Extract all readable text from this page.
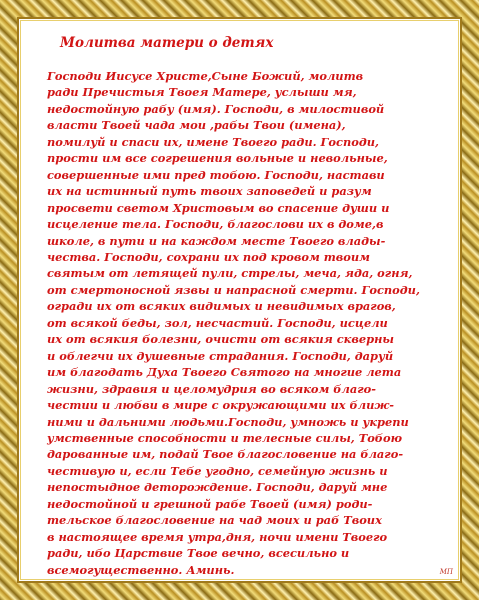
Молитва матери о детях
Господи Иисусе Христе,Сыне Божий, молитв
ради Пречистыя Твоея Матере, услыши мя,
недостойную рабу (имя). Господи, в милостивой
власти Твоей чада мои ,рабы Твои (имена),
помилуй и спаси их, имене Твоего ради. Господи,
прости им все согрешения вольные и невольные,
совершенные ими пред тобою. Господи, настави
их на истинный путь твоих заповедей и разум
просвети светом Христовым во спасение души и
исцеление тела. Господи, благослови их в доме,в
школе, в пути и на каждом месте Твоего влады-
чества. Господи, сохрани их под кровом твоим
святым от летящей пули, стрелы, меча, яда, огня,
от смертоносной язвы и напрасной смерти. Господи,
огради их от всяких видимых и невидимых врагов,
от всякой беды, зол, несчастий. Господи, исцели
их от всякия болезни, очисти от всякия скверны
и облегчи их душевные страдания. Господи, даруй
им благодать Духа Твоего Святого на многие лета
жизни, здравия и целомудрия во всяком благо-
честии и любви в мире с окружающими их ближ-
ними и дальними людьми.Господи, умножь и укрепи
умственные способности и телесные силы, Тобою
дарованные им, подай Твое благословение на благо-
честивую и, если Тебе угодно, семейную жизнь и
непостыдное деторождение. Господи, даруй мне
недостойной и грешной рабе Твоей (имя) роди-
тельское благословение на чад моих и раб Твоих
в настоящее время утра,дня, ночи имени Твоего
ради, ибо Царствие Твое вечно, всесильно и
всемогущественно. Аминь.	МП
